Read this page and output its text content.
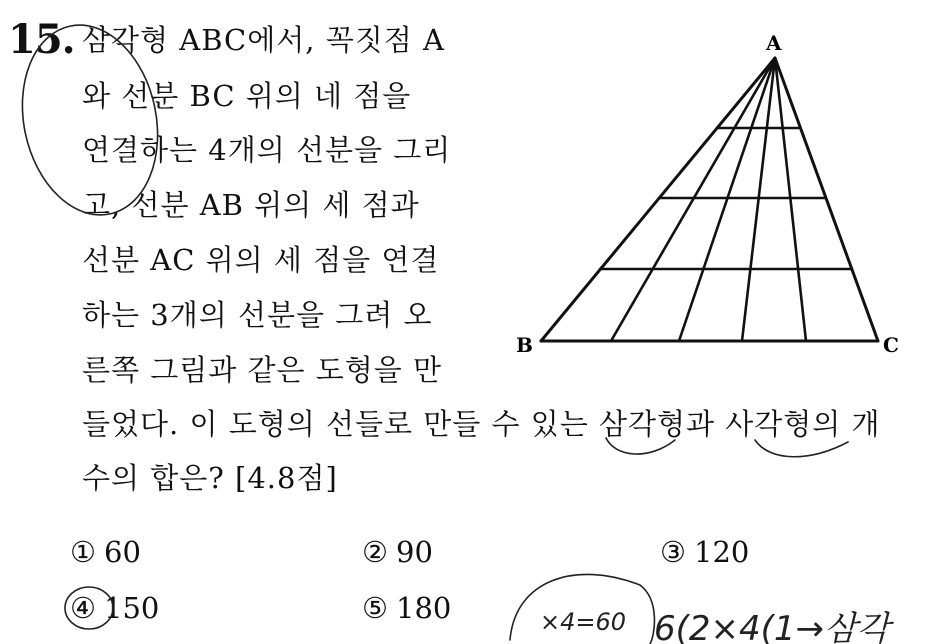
15. 삼각형 ABC에서, 꼭짓점 A
와 선분 BC 위의 네 점을
연결하는 4개의 선분을 그리
고, 선분 AB 위의 세 점과
선분 AC 위의 세 점을 연결
하는 3개의 선분을 그려 오
른쪽 그림과 같은 도형을 만
들었다. 이 도형의 선들로 만들 수 있는 삼각형과 사각형의 개
수의 합은? [4.8점]
① 60	② 90	③ 120
④ 150	⑤ 180
A
B	C
×4=60 6(2×4(1→삼각
